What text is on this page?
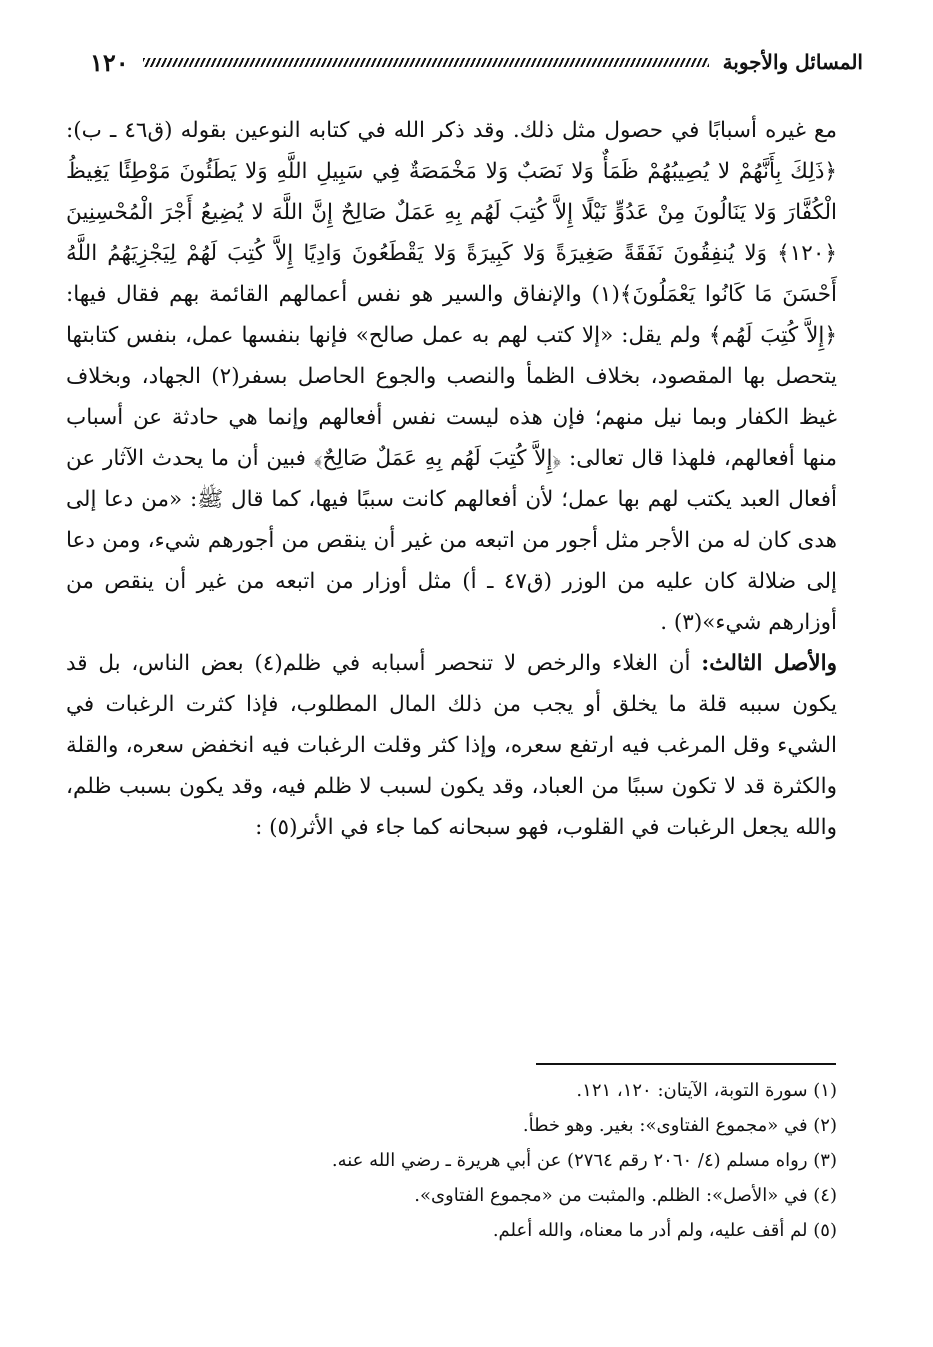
١٢٠	المسائل والأجوبة

مع غيره أسبابًا في حصول مثل ذلك. وقد ذكر الله في كتابه النوعين بقوله (ق٤٦ ـ ب): ﴿ذَلِكَ بِأَنَّهُمْ لا يُصِيبُهُمْ ظَمَأٌ وَلا نَصَبٌ وَلا مَخْمَصَةٌ فِي سَبِيلِ اللَّهِ وَلا يَطَئُونَ مَوْطِئًا يَغِيظُ الْكُفَّارَ وَلا يَنَالُونَ مِنْ عَدُوٍّ نَيْلًا إِلاَّ كُتِبَ لَهُم بِهِ عَمَلٌ صَالِحٌ إِنَّ اللَّهَ لا يُضِيعُ أَجْرَ الْمُحْسِنِينَ ﴿١٢٠﴾ وَلا يُنفِقُونَ نَفَقَةً صَغِيرَةً وَلا كَبِيرَةً وَلا يَقْطَعُونَ وَادِيًا إِلاَّ كُتِبَ لَهُمْ لِيَجْزِيَهُمُ اللَّهُ أَحْسَنَ مَا كَانُوا يَعْمَلُونَ﴾(١) والإنفاق والسير هو نفس أعمالهم القائمة بهم فقال فيها: ﴿إِلاَّ كُتِبَ لَهُم﴾ ولم يقل: «إلا كتب لهم به عمل صالح» فإنها بنفسها عمل، بنفس كتابتها يتحصل بها المقصود، بخلاف الظمأ والنصب والجوع الحاصل بسفر(٢) الجهاد، وبخلاف غيظ الكفار وبما نيل منهم؛ فإن هذه ليست نفس أفعالهم وإنما هي حادثة عن أسباب منها أفعالهم، فلهذا قال تعالى: ﴿إِلاَّ كُتِبَ لَهُم بِهِ عَمَلٌ صَالِحٌ﴾ فبين أن ما يحدث الآثار عن أفعال العبد يكتب لهم بها عمل؛ لأن أفعالهم كانت سببًا فيها، كما قال ﷺ: «من دعا إلى هدى كان له من الأجر مثل أجور من اتبعه من غير أن ينقص من أجورهم شيء، ومن دعا إلى ضلالة كان عليه من الوزر (ق٤٧ ـ أ) مثل أوزار من اتبعه من غير أن ينقص من أوزارهم شيء»(٣) .

والأصل الثالث: أن الغلاء والرخص لا تنحصر أسبابه في ظلم(٤) بعض الناس، بل قد يكون سببه قلة ما يخلق أو يجب من ذلك المال المطلوب، فإذا كثرت الرغبات في الشيء وقل المرغب فيه ارتفع سعره، وإذا كثر وقلت الرغبات فيه انخفض سعره، والقلة والكثرة قد لا تكون سببًا من العباد، وقد يكون لسبب لا ظلم فيه، وقد يكون بسبب ظلم، والله يجعل الرغبات في القلوب، فهو سبحانه كما جاء في الأثر(٥) :

(١) سورة التوبة، الآيتان: ١٢٠، ١٢١.

(٢) في «مجموع الفتاوى»: بغير. وهو خطأ.

(٣) رواه مسلم (٤/ ٢٠٦٠ رقم ٢٧٦٤) عن أبي هريرة ـ رضي الله عنه.

(٤) في «الأصل»: الظلم. والمثبت من «مجموع الفتاوى».

(٥) لم أقف عليه، ولم أدر ما معناه، والله أعلم.
